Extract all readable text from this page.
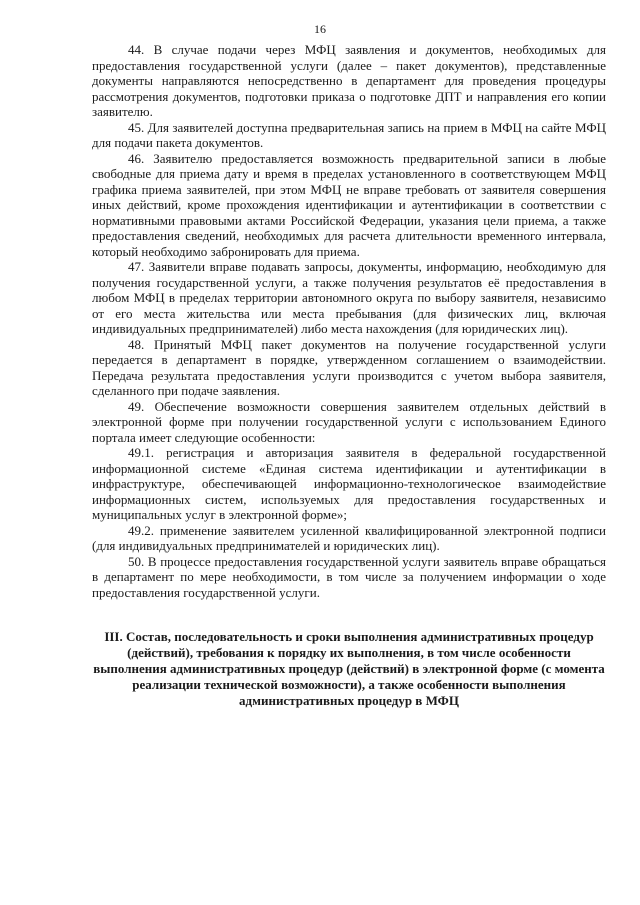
16

44. В случае подачи через МФЦ заявления и документов, необходимых для предоставления государственной услуги (далее – пакет документов), представленные документы направляются непосредственно в департамент для проведения процедуры рассмотрения документов, подготовки приказа о подготовке ДПТ и направления его копии заявителю.

45. Для заявителей доступна предварительная запись на прием в МФЦ на сайте МФЦ для подачи пакета документов.

46. Заявителю предоставляется возможность предварительной записи в любые свободные для приема дату и время в пределах установленного в соответствующем МФЦ графика приема заявителей, при этом МФЦ не вправе требовать от заявителя совершения иных действий, кроме прохождения идентификации и аутентификации в соответствии с нормативными правовыми актами Российской Федерации, указания цели приема, а также предоставления сведений, необходимых для расчета длительности временного интервала, который необходимо забронировать для приема.

47. Заявители вправе подавать запросы, документы, информацию, необходимую для получения государственной услуги, а также получения результатов её предоставления в любом МФЦ в пределах территории автономного округа по выбору заявителя, независимо от его места жительства или места пребывания (для физических лиц, включая индивидуальных предпринимателей) либо места нахождения (для юридических лиц).

48. Принятый МФЦ пакет документов на получение государственной услуги передается в департамент в порядке, утвержденном соглашением о взаимодействии. Передача результата предоставления услуги производится с учетом выбора заявителя, сделанного при подаче заявления.

49. Обеспечение возможности совершения заявителем отдельных действий в электронной форме при получении государственной услуги с использованием Единого портала имеет следующие особенности:

49.1. регистрация и авторизация заявителя в федеральной государственной информационной системе «Единая система идентификации и аутентификации в инфраструктуре, обеспечивающей информационно-технологическое взаимодействие информационных систем, используемых для предоставления государственных и муниципальных услуг в электронной форме»;

49.2. применение заявителем усиленной квалифицированной электронной подписи (для индивидуальных предпринимателей и юридических лиц).

50. В процессе предоставления государственной услуги заявитель вправе обращаться в департамент по мере необходимости, в том числе за получением информации о ходе предоставления государственной услуги.

III. Состав, последовательность и сроки выполнения административных процедур (действий), требования к порядку их выполнения, в том числе особенности выполнения административных процедур (действий) в электронной форме (с момента реализации технической возможности), а также особенности выполнения административных процедур в МФЦ
